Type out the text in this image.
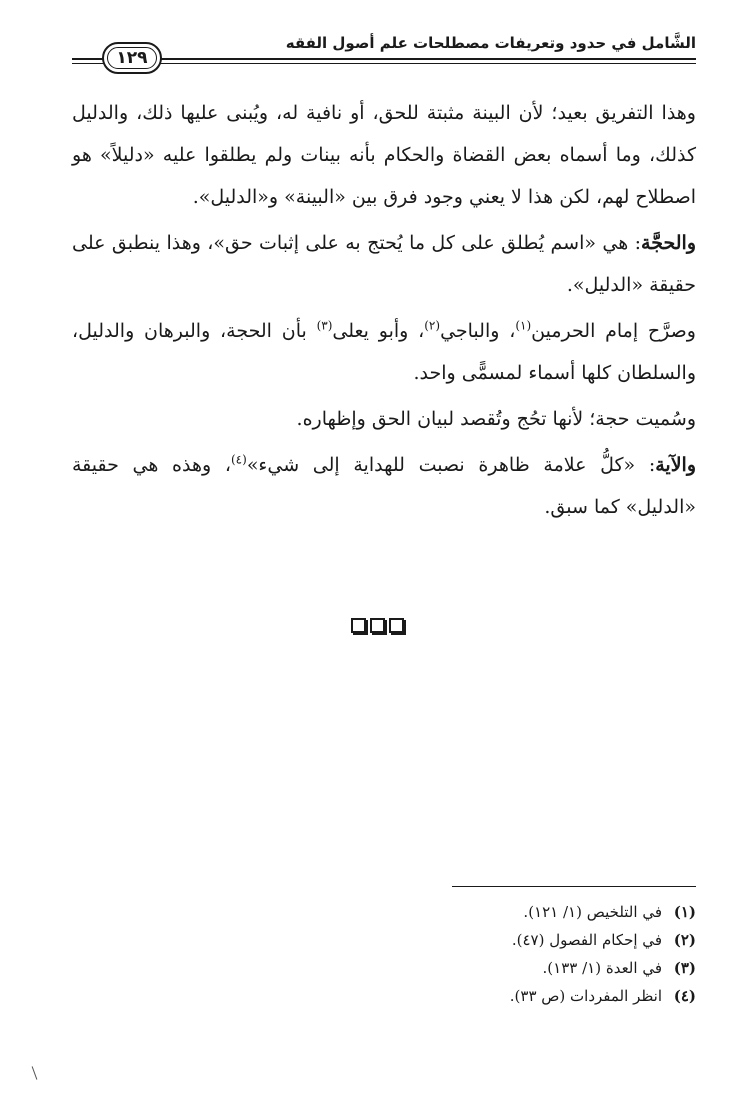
١٢٩
الشَّامل في حدود وتعريفات مصطلحات علم أصول الفقه

وهذا التفريق بعيد؛ لأن البينة مثبتة للحق، أو نافية له، ويُبنى عليها ذلك، والدليل كذلك، وما أسماه بعض القضاة والحكام بأنه بينات ولم يطلقوا عليه «دليلاً» هو اصطلاح لهم، لكن هذا لا يعني وجود فرق بين «البينة» و«الدليل».

والحجَّة: هي «اسم يُطلق على كل ما يُحتج به على إثبات حق»، وهذا ينطبق على حقيقة «الدليل».

وصرَّح إمام الحرمين$^{(١)}$، والباجي$^{(٢)}$، وأبو يعلى$^{(٣)}$ بأن الحجة، والبرهان والدليل، والسلطان كلها أسماء لمسمًّى واحد.

وسُميت حجة؛ لأنها تحُج وتُقصد لبيان الحق وإظهاره.

والآية: «كلُّ علامة ظاهرة نصبت للهداية إلى شيء»$^{(٤)}$، وهذه هي حقيقة «الدليل» كما سبق.

(١)في التلخيص (١/ ١٢١).
(٢)في إحكام الفصول (٤٧).
(٣)في العدة (١/ ١٣٣).
(٤)انظر المفردات (ص ٣٣).
